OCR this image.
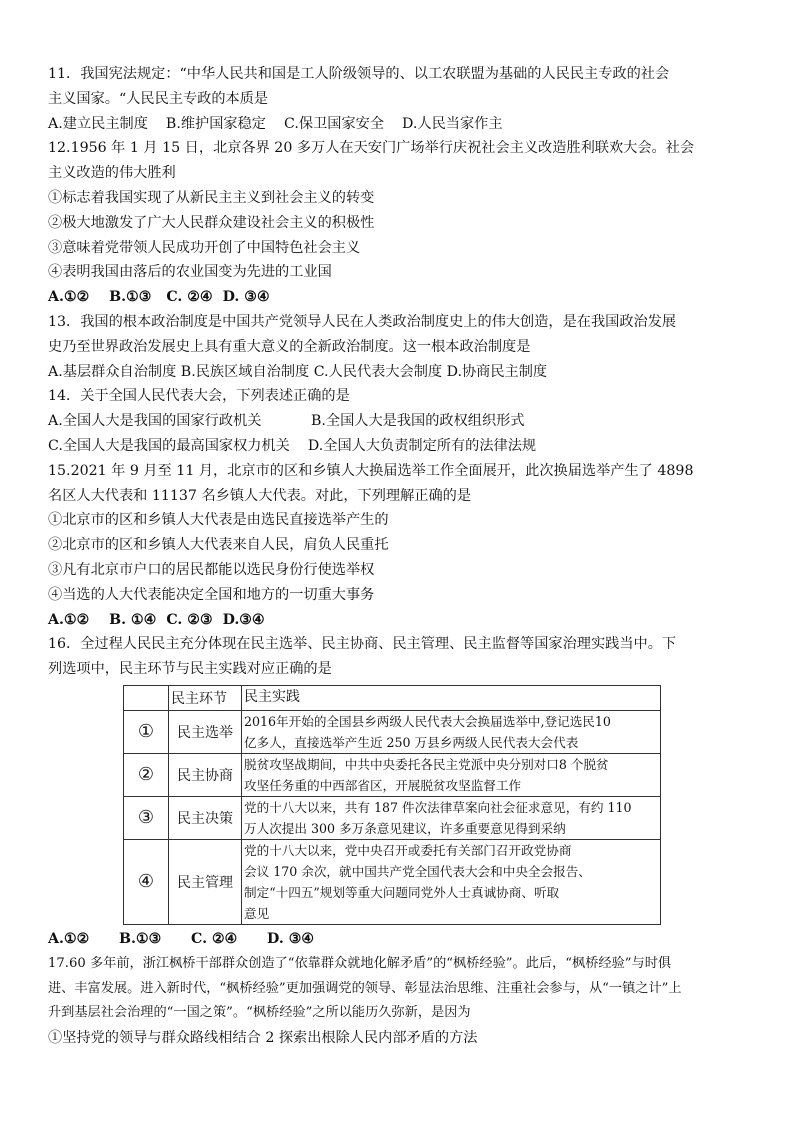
11．我国宪法规定：“中华人民共和国是工人阶级领导的、以工农联盟为基础的人民民主专政的社会
主义国家。“人民民主专政的本质是
A.建立民主制度    B.维护国家稳定    C.保卫国家安全    D.人民当家作主
12.1956 年 1 月 15 日，北京各界 20 多万人在天安门广场举行庆祝社会主义改造胜利联欢大会。社会
主义改造的伟大胜利
①标志着我国实现了从新民主主义到社会主义的转变
②极大地激发了广大人民群众建设社会主义的积极性
③意味着党带领人民成功开创了中国特色社会主义
④表明我国由落后的农业国变为先进的工业国
A.①②    B.①③   C. ②④  D. ③④
13．我国的根本政治制度是中国共产党领导人民在人类政治制度史上的伟大创造，是在我国政治发展
史乃至世界政治发展史上具有重大意义的全新政治制度。这一根本政治制度是
A.基层群众自治制度 B.民族区域自治制度 C.人民代表大会制度 D.协商民主制度
14．关于全国人民代表大会，下列表述正确的是
A.全国人大是我国的国家行政机关           B.全国人大是我国的政权组织形式
C.全国人大是我国的最高国家权力机关    D.全国人大负责制定所有的法律法规
15.2021 年 9 月至 11 月，北京市的区和乡镇人大换届选举工作全面展开，此次换届选举产生了 4898
名区人大代表和 11137 名乡镇人大代表。对此，下列理解正确的是
①北京市的区和乡镇人大代表是由选民直接选举产生的
②北京市的区和乡镇人大代表来自人民，肩负人民重托
③凡有北京市户口的居民都能以选民身份行使选举权
④当选的人大代表能决定全国和地方的一切重大事务
A.①②    B. ①④  C. ②③  D.③④
16．全过程人民民主充分体现在民主选举、民主协商、民主管理、民主监督等国家治理实践当中。下
列选项中，民主环节与民主实践对应正确的是
	民主环节	民主实践
①	民主选举	2016年开始的全国县乡两级人民代表大会换届选举中,登记选民10
亿多人，直接选举产生近 250 万县乡两级人民代表大会代表

②	民主协商	脱贫攻坚战期间，中共中央委托各民主党派中央分别对口8 个脱贫
攻坚任务重的中西部省区，开展脱贫攻坚监督工作

③	民主决策	党的十八大以来，共有 187 件次法律草案向社会征求意见，有约 110
万人次提出 300 多万条意见建议，许多重要意见得到采纳

④	民主管理	党的十八大以来，党中央召开或委托有关部门召开政党协商
会议 170 余次，就中国共产党全国代表大会和中央全会报告、
制定“十四五”规划等重大问题同党外人士真诚协商、听取
意见
A.①②      B.①③      C. ②④      D. ③④
17.60 多年前，浙江枫桥干部群众创造了“依靠群众就地化解矛盾”的“枫桥经验”。此后，“枫桥经验”与时俱
进、丰富发展。进入新时代，“枫桥经验”更加强调党的领导、彰显法治思维、注重社会参与，从“一镇之计”上
升到基层社会治理的“一国之策”。“枫桥经验”之所以能历久弥新，是因为
①坚持党的领导与群众路线相结合 2 探索出根除人民内部矛盾的方法
